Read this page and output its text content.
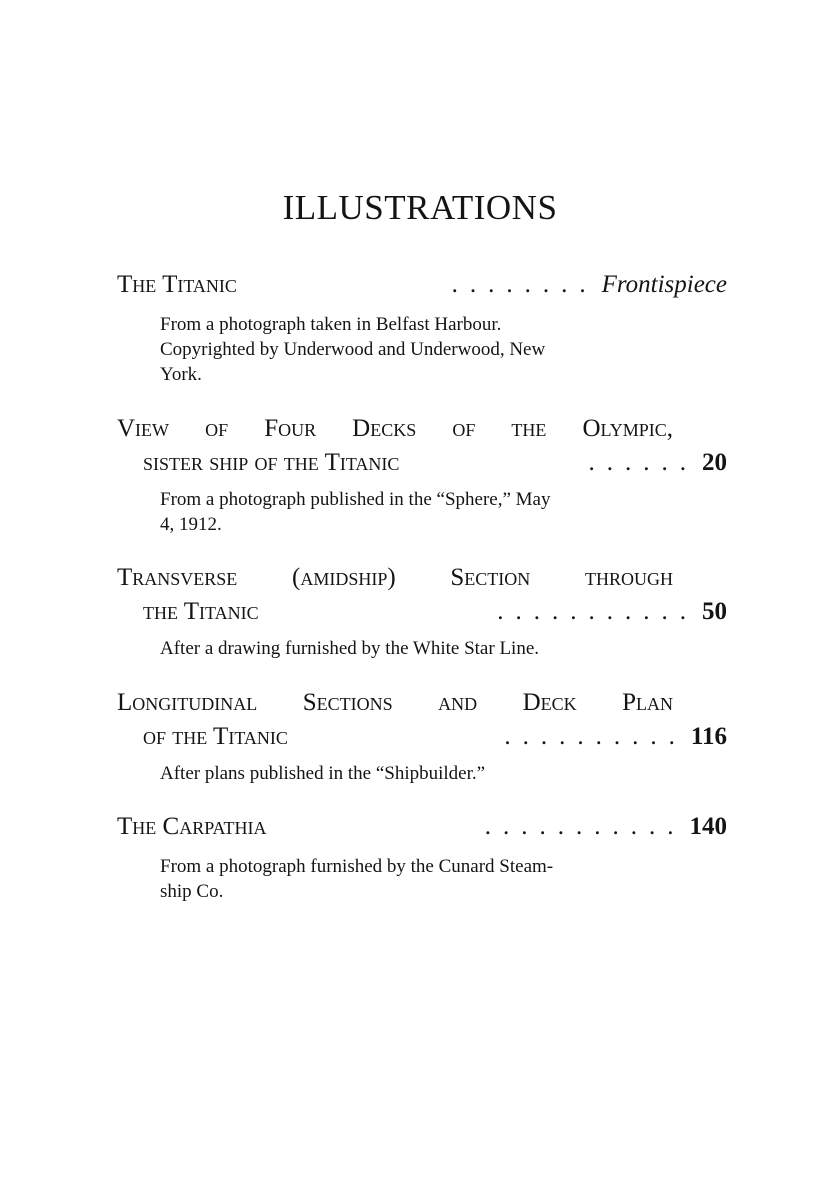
ILLUSTRATIONS
The Titanic	........ Frontispiece
From a photograph taken in Belfast Harbour.
Copyrighted by Underwood and Underwood, New
York.
View of Four Decks of the Olympic,
sister ship of the Titanic	...... 20
From a photograph published in the “Sphere,” May
4, 1912.
Transverse (amidship) Section through
the Titanic	........... 50
After a drawing furnished by the White Star Line.
Longitudinal Sections and Deck Plan
of the Titanic	.......... 116
After plans published in the “Shipbuilder.”
The Carpathia	........... 140
From a photograph furnished by the Cunard Steam-
ship Co.
